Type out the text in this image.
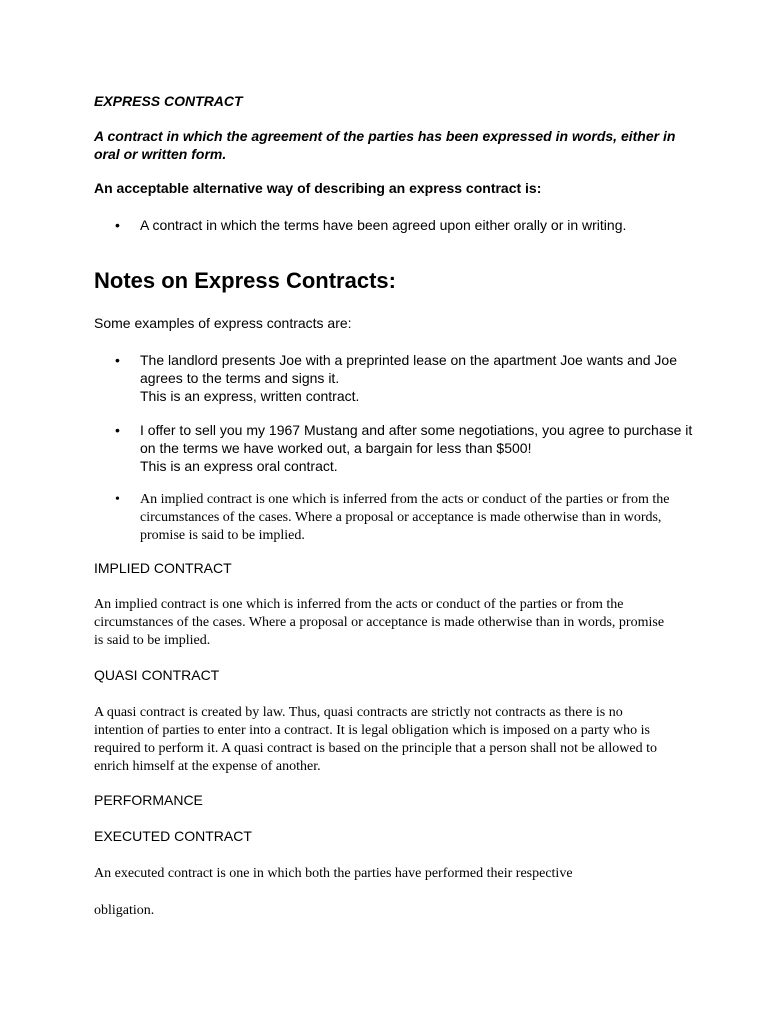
EXPRESS CONTRACT

A contract in which the agreement of the parties has been expressed in words, either in oral or written form.

An acceptable alternative way of describing an express contract is:

• A contract in which the terms have been agreed upon either orally or in writing.
Notes on Express Contracts:

Some examples of express contracts are:

• The landlord presents Joe with a preprinted lease on the apartment Joe wants and Joe agrees to the terms and signs it.
This is an express, written contract.
• I offer to sell you my 1967 Mustang and after some negotiations, you agree to purchase it on the terms we have worked out, a bargain for less than $500!
This is an express oral contract.
• An implied contract is one which is inferred from the acts or conduct of the parties or from the circumstances of the cases. Where a proposal or acceptance is made otherwise than in words, promise is said to be implied.

IMPLIED CONTRACT

An implied contract is one which is inferred from the acts or conduct of the parties or from the circumstances of the cases. Where a proposal or acceptance is made otherwise than in words, promise is said to be implied.

QUASI CONTRACT

A quasi contract is created by law. Thus, quasi contracts are strictly not contracts as there is no intention of parties to enter into a contract. It is legal obligation which is imposed on a party who is required to perform it. A quasi contract is based on the principle that a person shall not be allowed to enrich himself at the expense of another.

PERFORMANCE

EXECUTED CONTRACT

An executed contract is one in which both the parties have performed their respective

obligation.
